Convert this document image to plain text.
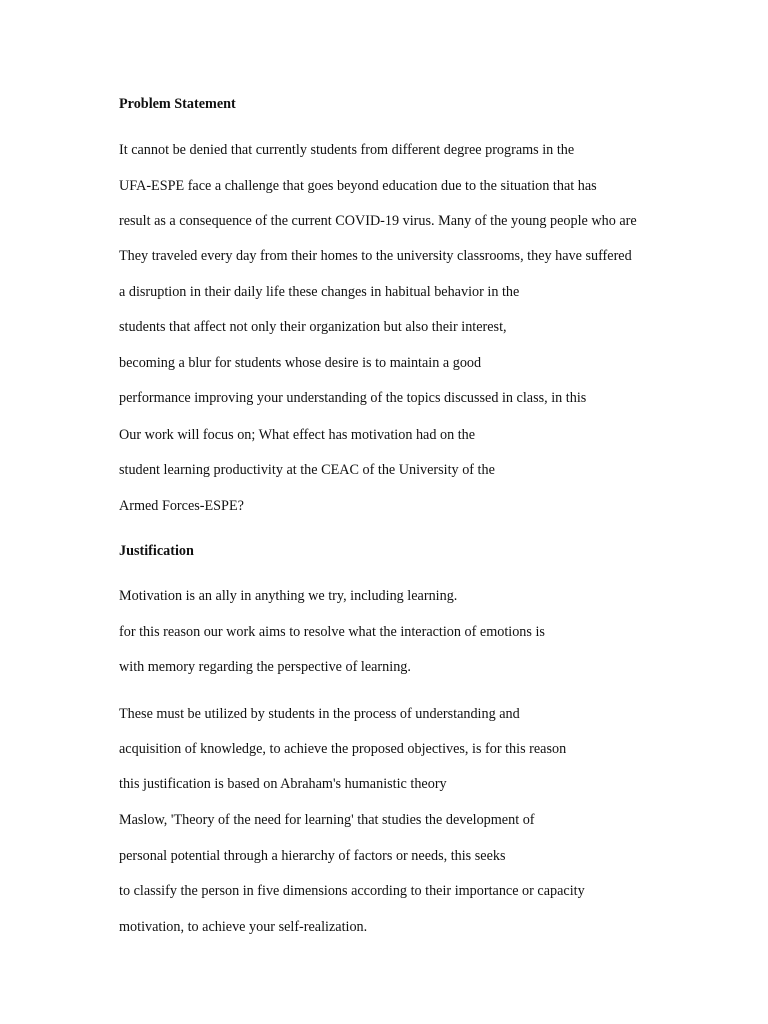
Problem Statement

It cannot be denied that currently students from different degree programs in the

UFA-ESPE face a challenge that goes beyond education due to the situation that has

result as a consequence of the current COVID-19 virus. Many of the young people who are

They traveled every day from their homes to the university classrooms, they have suffered

a disruption in their daily life these changes in habitual behavior in the

students that affect not only their organization but also their interest,

becoming a blur for students whose desire is to maintain a good

performance improving your understanding of the topics discussed in class, in this

Our work will focus on; What effect has motivation had on the

student learning productivity at the CEAC of the University of the

Armed Forces-ESPE?

Justification

Motivation is an ally in anything we try, including learning.

for this reason our work aims to resolve what the interaction of emotions is

with memory regarding the perspective of learning.

These must be utilized by students in the process of understanding and

acquisition of knowledge, to achieve the proposed objectives, is for this reason

this justification is based on Abraham's humanistic theory

Maslow, 'Theory of the need for learning' that studies the development of

personal potential through a hierarchy of factors or needs, this seeks

to classify the person in five dimensions according to their importance or capacity

motivation, to achieve your self-realization.
